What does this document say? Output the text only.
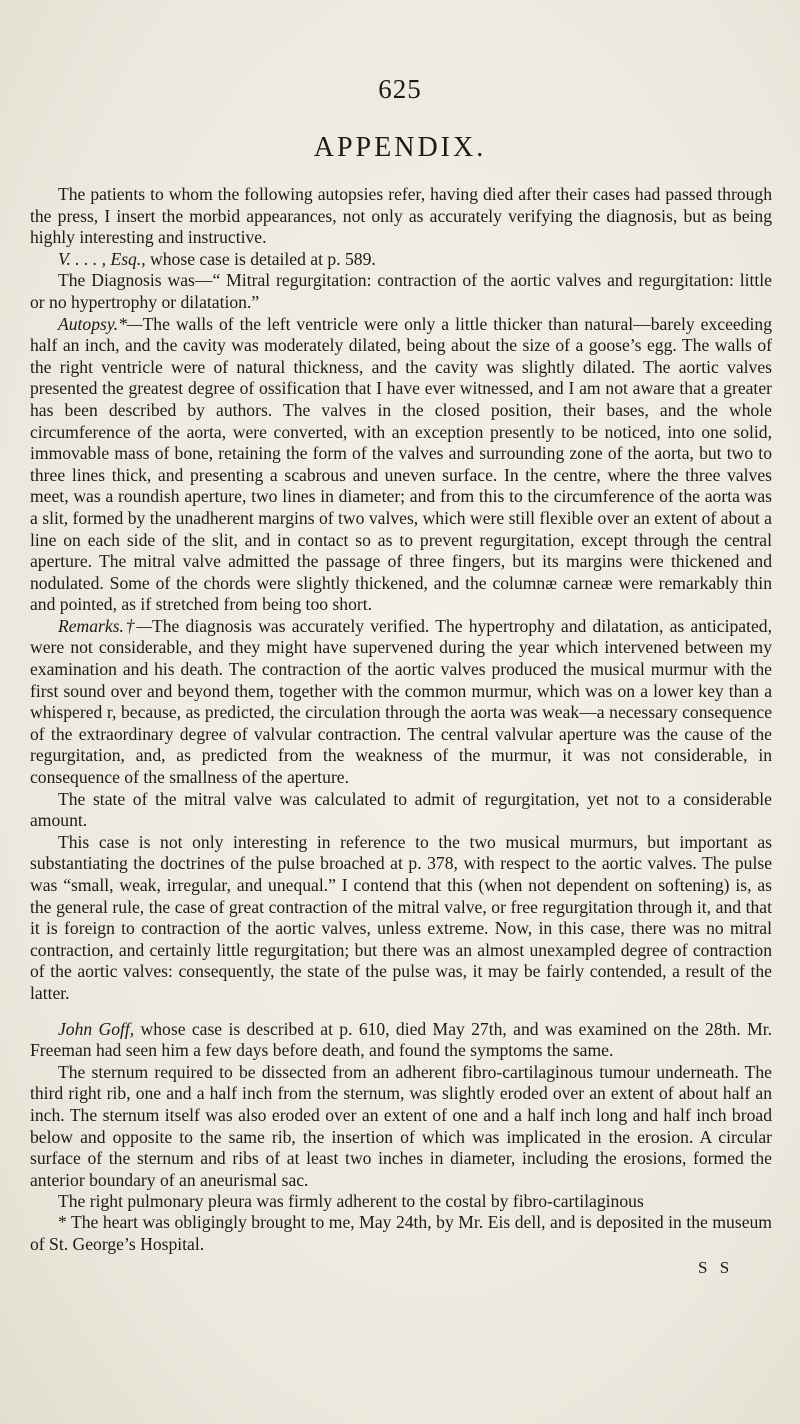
625
APPENDIX.

The patients to whom the following autopsies refer, having died after their cases had passed through the press, I insert the morbid appearances, not only as accurately verifying the diagnosis, but as being highly interesting and instructive.

V. . . . , Esq., whose case is detailed at p. 589.

The Diagnosis was—“ Mitral regurgitation: contraction of the aortic valves and regurgitation: little or no hypertrophy or dilatation.”

Autopsy.*—The walls of the left ventricle were only a little thicker than natural—barely exceeding half an inch, and the cavity was moderately dilated, being about the size of a goose’s egg. The walls of the right ventricle were of natural thickness, and the cavity was slightly dilated. The aortic valves presented the greatest degree of ossification that I have ever witnessed, and I am not aware that a greater has been described by authors. The valves in the closed position, their bases, and the whole circumference of the aorta, were converted, with an exception presently to be noticed, into one solid, immovable mass of bone, retaining the form of the valves and surrounding zone of the aorta, but two to three lines thick, and presenting a scabrous and uneven surface. In the centre, where the three valves meet, was a roundish aperture, two lines in diameter; and from this to the circumference of the aorta was a slit, formed by the unadherent margins of two valves, which were still flexible over an extent of about a line on each side of the slit, and in contact so as to prevent regurgitation, except through the central aperture. The mitral valve admitted the passage of three fingers, but its margins were thickened and nodulated. Some of the chords were slightly thickened, and the columnæ carneæ were remarkably thin and pointed, as if stretched from being too short.

Remarks.†—The diagnosis was accurately verified. The hypertrophy and dilatation, as anticipated, were not considerable, and they might have supervened during the year which intervened between my examination and his death. The contraction of the aortic valves produced the musical murmur with the first sound over and beyond them, together with the common murmur, which was on a lower key than a whispered r, because, as predicted, the circulation through the aorta was weak—a necessary consequence of the extraordinary degree of valvular contraction. The central valvular aperture was the cause of the regurgitation, and, as predicted from the weakness of the murmur, it was not considerable, in consequence of the smallness of the aperture.

The state of the mitral valve was calculated to admit of regurgitation, yet not to a considerable amount.

This case is not only interesting in reference to the two musical murmurs, but important as substantiating the doctrines of the pulse broached at p. 378, with respect to the aortic valves. The pulse was “small, weak, irregular, and unequal.” I contend that this (when not dependent on softening) is, as the general rule, the case of great contraction of the mitral valve, or free regurgitation through it, and that it is foreign to contraction of the aortic valves, unless extreme. Now, in this case, there was no mitral contraction, and certainly little regurgitation; but there was an almost unexampled degree of contraction of the aortic valves: consequently, the state of the pulse was, it may be fairly contended, a result of the latter.

John Goff, whose case is described at p. 610, died May 27th, and was examined on the 28th. Mr. Freeman had seen him a few days before death, and found the symptoms the same.

The sternum required to be dissected from an adherent fibro-cartilaginous tumour underneath. The third right rib, one and a half inch from the sternum, was slightly eroded over an extent of about half an inch. The sternum itself was also eroded over an extent of one and a half inch long and half inch broad below and opposite to the same rib, the insertion of which was implicated in the erosion. A circular surface of the sternum and ribs of at least two inches in diameter, including the erosions, formed the anterior boundary of an aneurismal sac.

The right pulmonary pleura was firmly adherent to the costal by fibro-cartilaginous

* The heart was obligingly brought to me, May 24th, by Mr. Eis dell, and is deposited in the museum of St. George’s Hospital.
S S
